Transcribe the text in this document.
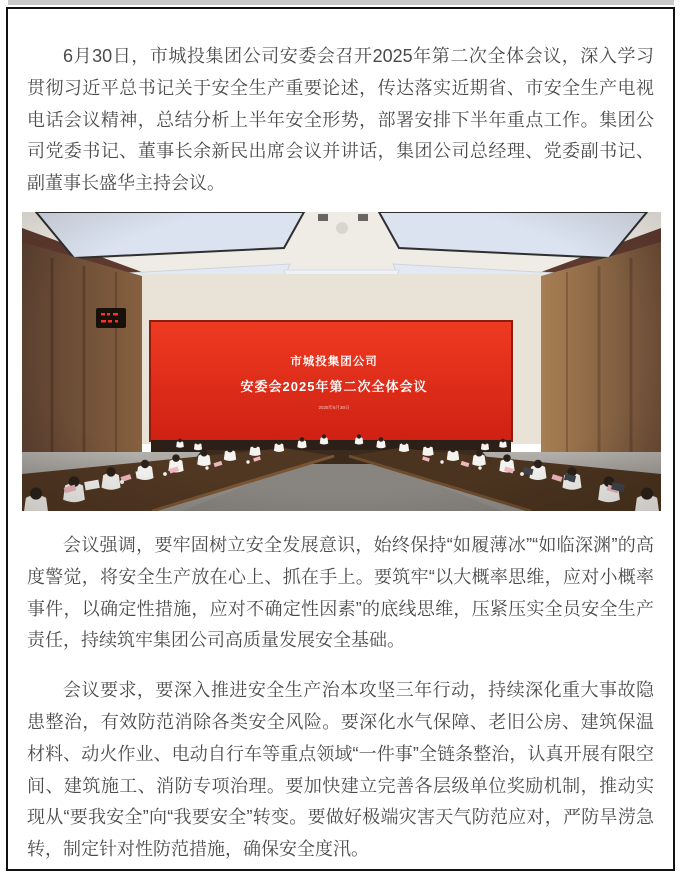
6月30日，市城投集团公司安委会召开2025年第二次全体会议，深入学习贯彻习近平总书记关于安全生产重要论述，传达落实近期省、市安全生产电视电话会议精神，总结分析上半年安全形势，部署安排下半年重点工作。集团公司党委书记、董事长余新民出席会议并讲话，集团公司总经理、党委副书记、副董事长盛华主持会议。

会议强调，要牢固树立安全发展意识，始终保持“如履薄冰”“如临深渊”的高度警觉，将安全生产放在心上、抓在手上。要筑牢“以大概率思维，应对小概率事件，以确定性措施，应对不确定性因素”的底线思维，压紧压实全员安全生产责任，持续筑牢集团公司高质量发展安全基础。

会议要求，要深入推进安全生产治本攻坚三年行动，持续深化重大事故隐患整治，有效防范消除各类安全风险。要深化水气保障、老旧公房、建筑保温材料、动火作业、电动自行车等重点领域“一件事”全链条整治，认真开展有限空间、建筑施工、消防专项治理。要加快建立完善各层级单位奖励机制，推动实现从“要我安全”向“我要安全”转变。要做好极端灾害天气防范应对，严防旱涝急转，制定针对性防范措施，确保安全度汛。
